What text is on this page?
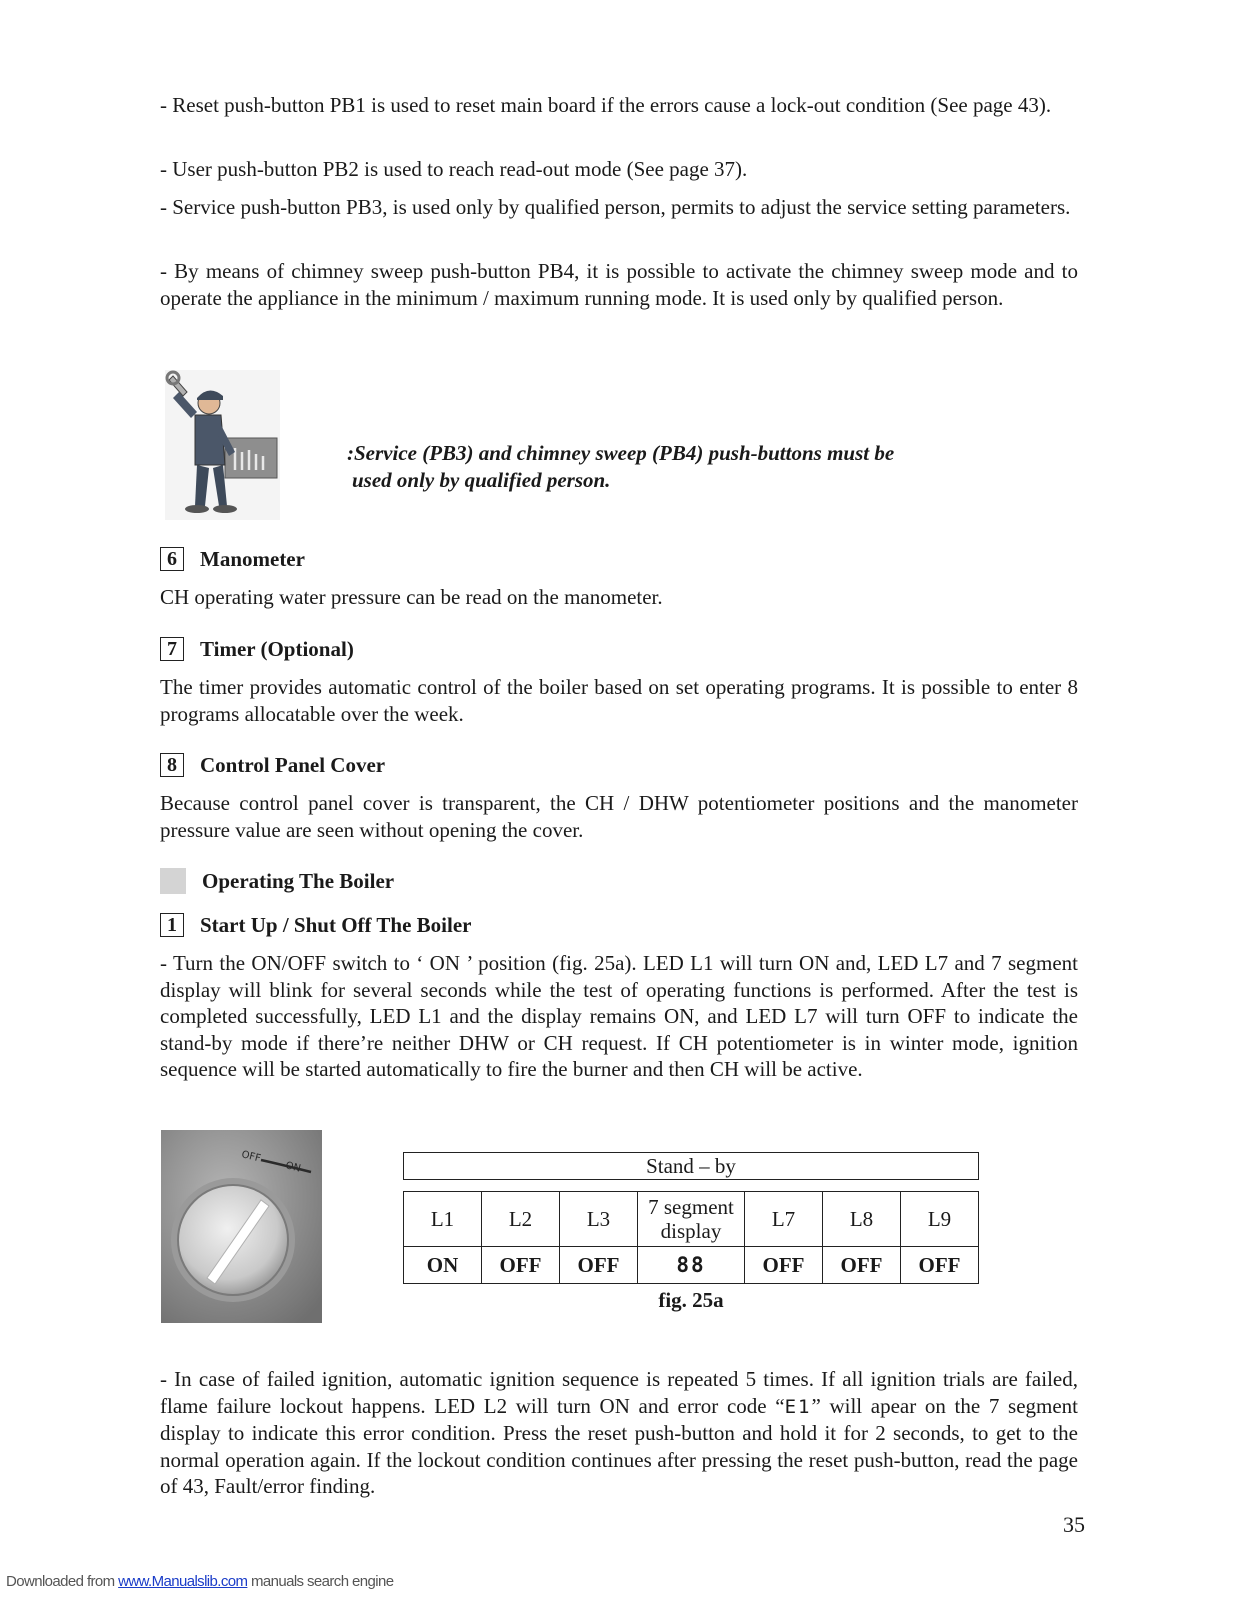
- Reset push-button PB1 is used to reset main board if the errors cause a lock-out condition (See page 43).

- User push-button PB2 is used to reach read-out mode (See page 37).

- Service push-button PB3, is used only by qualified person, permits to adjust the service setting parameters.

- By means of chimney sweep push-button PB4, it is possible to activate the chimney sweep mode and to operate the appliance in the minimum / maximum running mode. It is used only by qualified person.

:Service (PB3) and chimney sweep (PB4) push-buttons must be
used only by qualified person.

6	Manometer

CH operating water pressure can be read on the manometer.

7	Timer (Optional)

The timer provides automatic control of the boiler based on set operating programs. It is possible to enter 8 programs allocatable over the week.

8	Control Panel Cover

Because control panel cover is transparent, the CH / DHW potentiometer positions and the manometer pressure value are seen without opening the cover.

Operating The Boiler
1	Start Up / Shut Off The Boiler

- Turn the ON/OFF switch to ‘ ON ’ position (fig. 25a). LED L1 will turn ON and, LED L7 and 7 segment display will blink for several seconds while the test of operating functions is performed. After the test is completed successfully, LED L1 and the display remains ON, and LED L7 will turn OFF to indicate the stand-by mode if there’re neither DHW or CH request. If CH potentiometer is in winter mode, ignition sequence will be started automatically to fire the burner and then CH will be active.

OFF
ON	Stand – by
L1	L2	L3	7 segment display	L7	L8	L9
ON	OFF	OFF	88	OFF	OFF	OFF
fig. 25a

- In case of failed ignition, automatic ignition sequence is repeated 5 times. If all ignition trials are failed, flame failure lockout happens. LED L2 will turn ON and error code “E1” will apear on the 7 segment display to indicate this error condition. Press the reset push-button and hold it for 2 seconds, to get to the normal operation again. If the lockout condition continues after pressing the reset push-button, read the page of 43, Fault/error finding.

35
Downloaded from www.Manualslib.com manuals search engine
